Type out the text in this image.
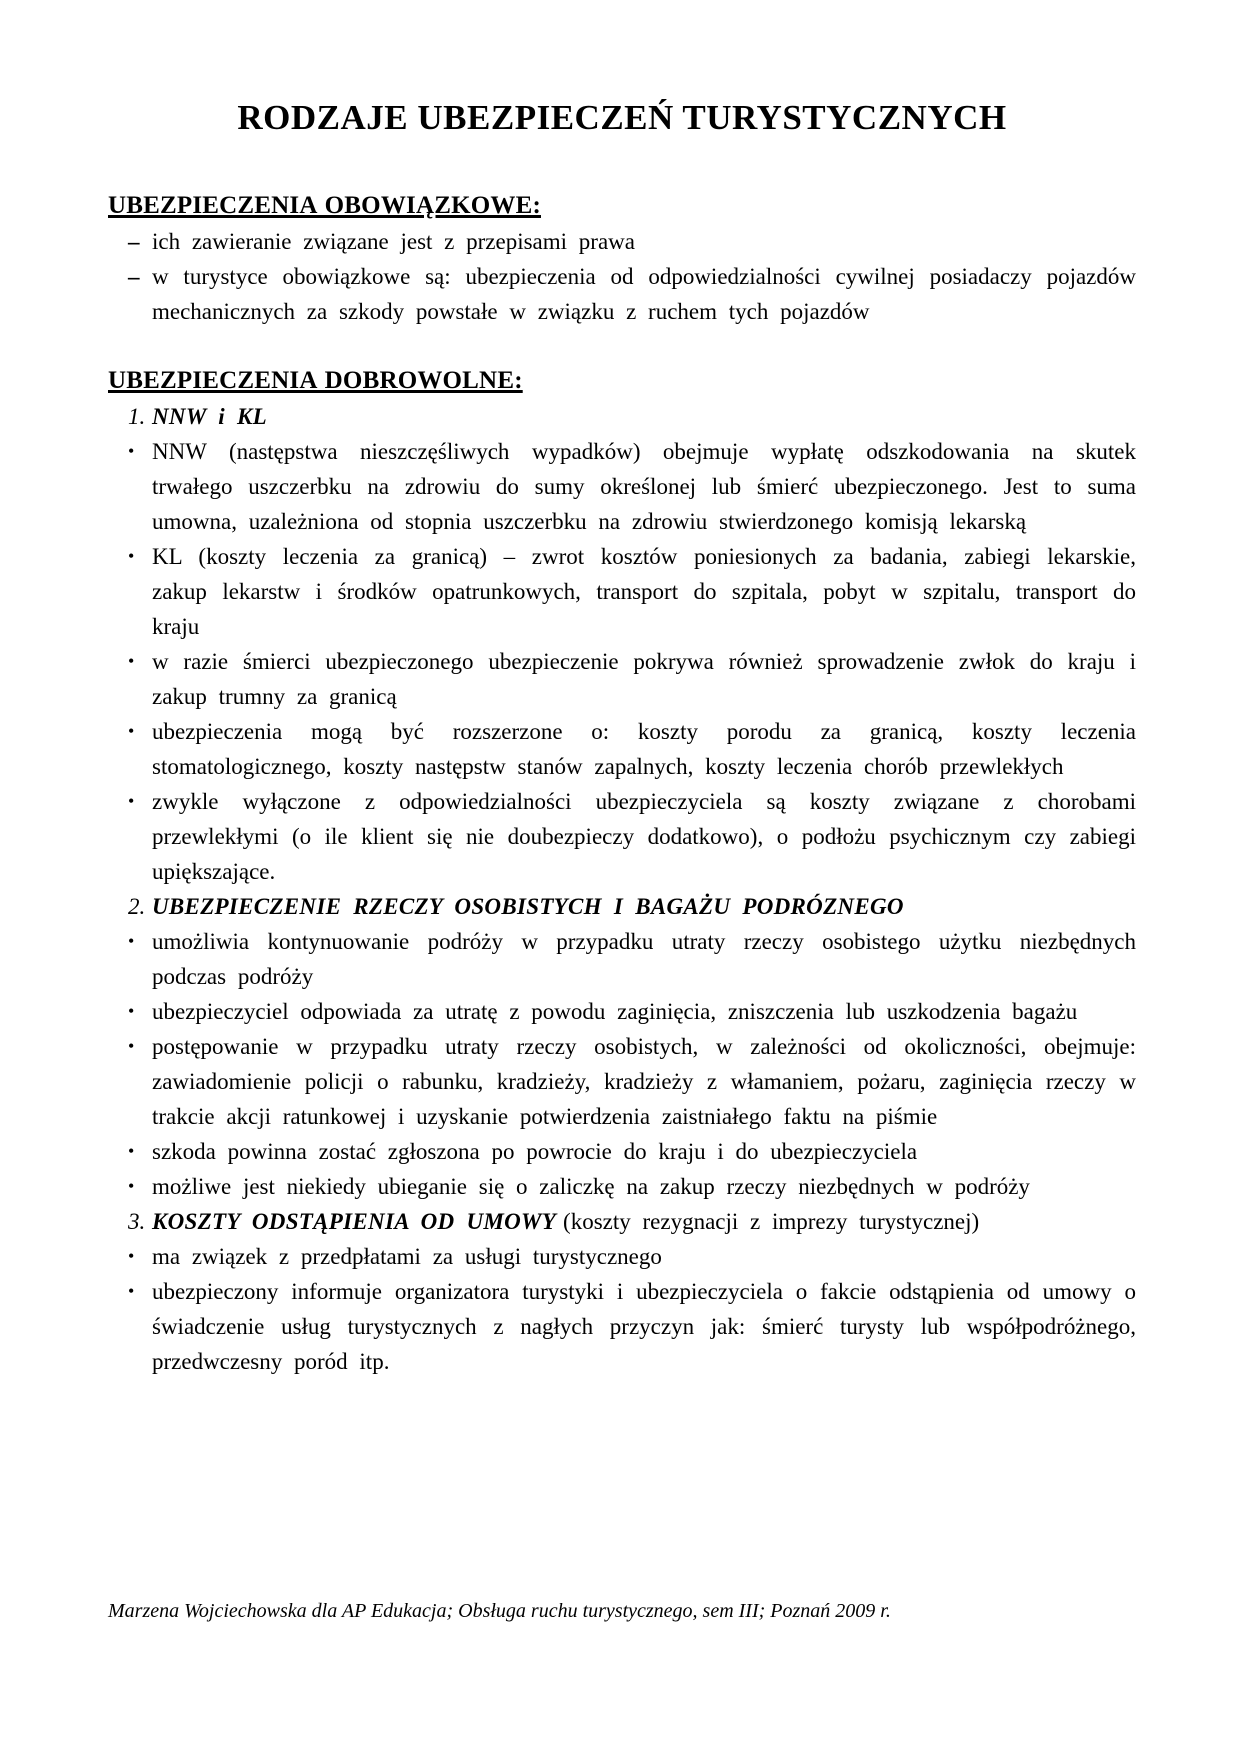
RODZAJE UBEZPIECZEŃ TURYSTYCZNYCH
UBEZPIECZENIA OBOWIĄZKOWE:
– ich zawieranie związane jest z przepisami prawa
– w turystyce obowiązkowe są: ubezpieczenia od odpowiedzialności cywilnej posiadaczy pojazdów mechanicznych za szkody powstałe w związku z ruchem tych pojazdów
UBEZPIECZENIA DOBROWOLNE:
1. NNW i KL
• NNW (następstwa nieszczęśliwych wypadków) obejmuje wypłatę odszkodowania na skutek trwałego uszczerbku na zdrowiu do sumy określonej lub śmierć ubezpieczonego. Jest to suma umowna, uzależniona od stopnia uszczerbku na zdrowiu stwierdzonego komisją lekarską
• KL (koszty leczenia za granicą) – zwrot kosztów poniesionych za badania, zabiegi lekarskie, zakup lekarstw i środków opatrunkowych, transport do szpitala, pobyt w szpitalu, transport do kraju
• w razie śmierci ubezpieczonego ubezpieczenie pokrywa również sprowadzenie zwłok do kraju i zakup trumny za granicą
• ubezpieczenia mogą być rozszerzone o: koszty porodu za granicą, koszty leczenia stomatologicznego, koszty następstw stanów zapalnych, koszty leczenia chorób przewlekłych
• zwykle wyłączone z odpowiedzialności ubezpieczyciela są koszty związane z chorobami przewlekłymi (o ile klient się nie doubezpieczy dodatkowo), o podłożu psychicznym czy zabiegi upiększające.
2. UBEZPIECZENIE RZECZY OSOBISTYCH I BAGAŻU PODRÓZNEGO
• umożliwia kontynuowanie podróży w przypadku utraty rzeczy osobistego użytku niezbędnych podczas podróży
• ubezpieczyciel odpowiada za utratę z powodu zaginięcia, zniszczenia lub uszkodzenia bagażu
• postępowanie w przypadku utraty rzeczy osobistych, w zależności od okoliczności, obejmuje: zawiadomienie policji o rabunku, kradzieży, kradzieży z włamaniem, pożaru, zaginięcia rzeczy w trakcie akcji ratunkowej i uzyskanie potwierdzenia zaistniałego faktu na piśmie
• szkoda powinna zostać zgłoszona po powrocie do kraju i do ubezpieczyciela
• możliwe jest niekiedy ubieganie się o zaliczkę na zakup rzeczy niezbędnych w podróży
3. KOSZTY ODSTĄPIENIA OD UMOWY (koszty rezygnacji z imprezy turystycznej)
• ma związek z przedpłatami za usługi turystycznego
• ubezpieczony informuje organizatora turystyki i ubezpieczyciela o fakcie odstąpienia od umowy o świadczenie usług turystycznych z nagłych przyczyn jak: śmierć turysty lub współpodróżnego, przedwczesny poród itp.
Marzena Wojciechowska dla AP Edukacja; Obsługa ruchu turystycznego, sem III; Poznań 2009 r.
